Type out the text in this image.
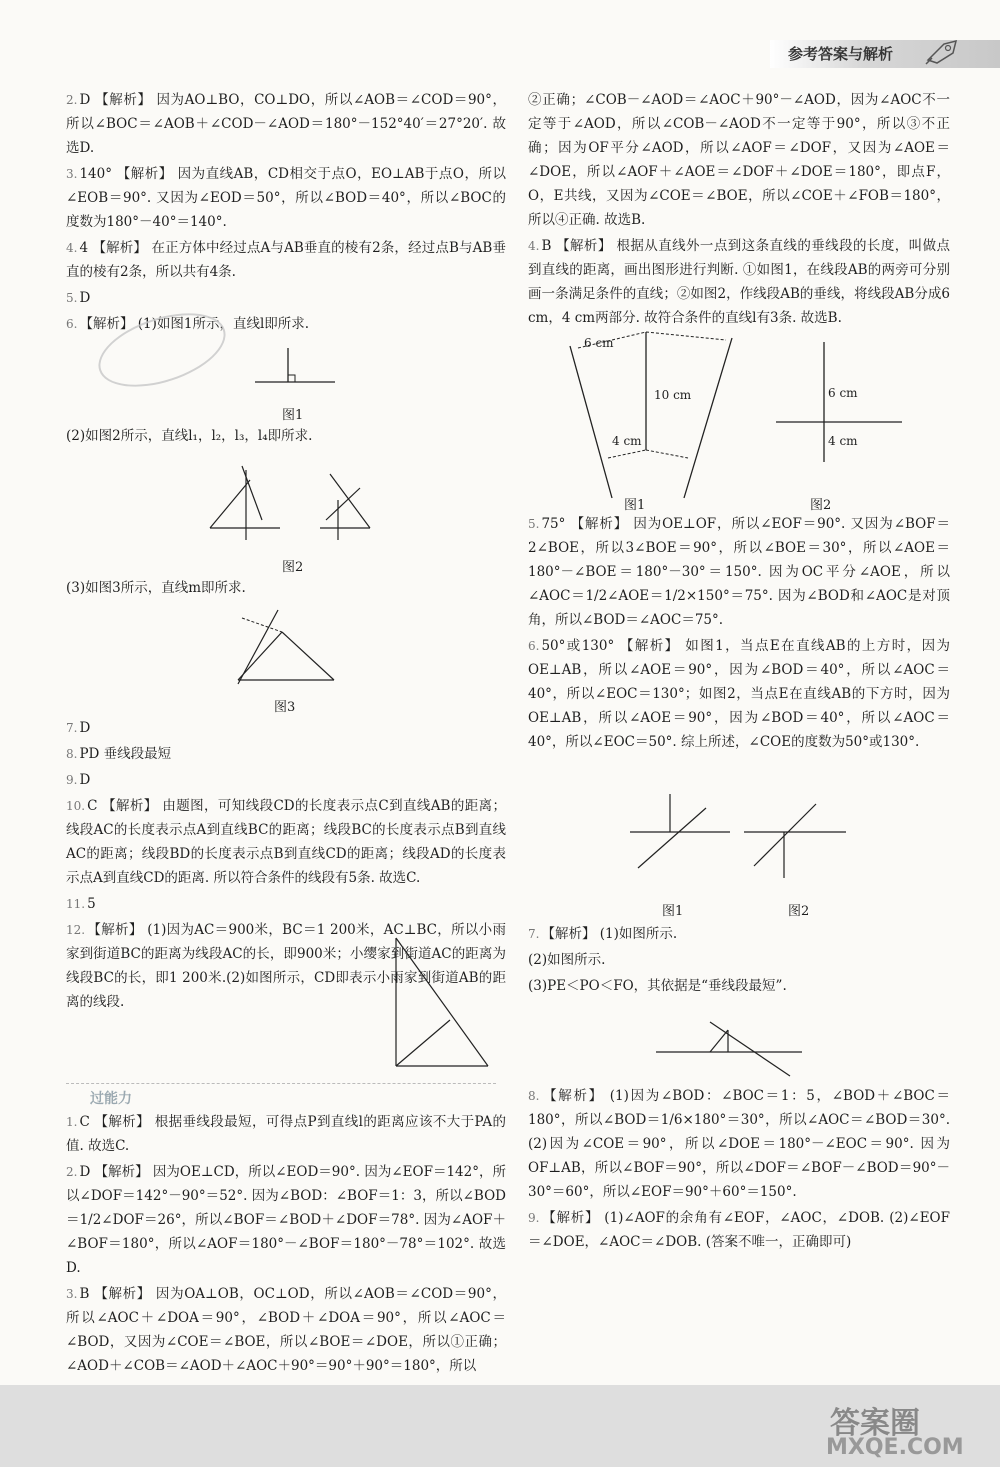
参考答案与解析
2. D 【解析】 因为AO⊥BO，CO⊥DO，所以∠AOB＝∠COD＝90°，所以∠BOC＝∠AOB＋∠COD－∠AOD＝180°－152°40′＝27°20′. 故选D.
3. 140° 【解析】 因为直线AB，CD相交于点O，EO⊥AB于点O，所以∠EOB＝90°. 又因为∠EOD＝50°，所以∠BOD＝40°，所以∠BOC的度数为180°－40°＝140°.
4. 4 【解析】 在正方体中经过点A与AB垂直的棱有2条，经过点B与AB垂直的棱有2条，所以共有4条.
5. D
6. 【解析】 (1)如图1所示，直线l即所求.
(2)如图2所示，直线l₁，l₂，l₃，l₄即所求.
(3)如图3所示，直线m即所求.
7. D
8. PD 垂线段最短
9. D
10. C 【解析】 由题图，可知线段CD的长度表示点C到直线AB的距离；线段AC的长度表示点A到直线BC的距离；线段BC的长度表示点B到直线AC的距离；线段BD的长度表示点B到直线CD的距离；线段AD的长度表示点A到直线CD的距离. 所以符合条件的线段有5条. 故选C.
11. 5
12. 【解析】 (1)因为AC＝900米，BC＝1 200米，AC⊥BC，所以小雨家到街道BC的距离为线段AC的长，即900米；小缨家到街道AC的距离为线段BC的长，即1 200米.(2)如图所示，CD即表示小雨家到街道AB的距离的线段.
1. C 【解析】 根据垂线段最短，可得点P到直线l的距离应该不大于PA的值. 故选C.
2. D 【解析】 因为OE⊥CD，所以∠EOD＝90°. 因为∠EOF＝142°，所以∠DOF＝142°－90°＝52°. 因为∠BOD：∠BOF＝1：3，所以∠BOD＝1/2∠DOF＝26°，所以∠BOF＝∠BOD＋∠DOF＝78°. 因为∠AOF＋∠BOF＝180°，所以∠AOF＝180°－∠BOF＝180°－78°＝102°. 故选D.
3. B 【解析】 因为OA⊥OB，OC⊥OD，所以∠AOB＝∠COD＝90°，所以∠AOC＋∠DOA＝90°，∠BOD＋∠DOA＝90°，所以∠AOC＝∠BOD，又因为∠COE＝∠BOE，所以∠BOE＝∠DOE，所以①正确；∠AOD＋∠COB＝∠AOD＋∠AOC＋90°＝90°＋90°＝180°，所以
图1
图2
图3
过能力
②正确；∠COB－∠AOD＝∠AOC＋90°－∠AOD，因为∠AOC不一定等于∠AOD，所以∠COB－∠AOD不一定等于90°，所以③不正确；因为OF平分∠AOD，所以∠AOF＝∠DOF，又因为∠AOE＝∠DOE，所以∠AOF＋∠AOE＝∠DOF＋∠DOE＝180°，即点F，O，E共线，又因为∠COE＝∠BOE，所以∠COE＋∠FOB＝180°，所以④正确. 故选B.
4. B 【解析】 根据从直线外一点到这条直线的垂线段的长度，叫做点到直线的距离，画出图形进行判断. ①如图1，在线段AB的两旁可分别画一条满足条件的直线；②如图2，作线段AB的垂线，将线段AB分成6 cm，4 cm两部分. 故符合条件的直线l有3条. 故选B.
5. 75° 【解析】 因为OE⊥OF，所以∠EOF＝90°. 又因为∠BOF＝2∠BOE，所以3∠BOE＝90°，所以∠BOE＝30°，所以∠AOE＝180°－∠BOE＝180°－30°＝150°. 因为OC平分∠AOE，所以∠AOC＝1/2∠AOE＝1/2×150°＝75°. 因为∠BOD和∠AOC是对顶角，所以∠BOD＝∠AOC＝75°.
6. 50°或130° 【解析】 如图1，当点E在直线AB的上方时，因为OE⊥AB，所以∠AOE＝90°，因为∠BOD＝40°，所以∠AOC＝40°，所以∠EOC＝130°；如图2，当点E在直线AB的下方时，因为OE⊥AB，所以∠AOE＝90°，因为∠BOD＝40°，所以∠AOC＝40°，所以∠EOC＝50°. 综上所述，∠COE的度数为50°或130°.
7. 【解析】 (1)如图所示.
(2)如图所示.
(3)PE＜PO＜FO，其依据是“垂线段最短”.
8. 【解析】 (1)因为∠BOD：∠BOC＝1：5，∠BOD＋∠BOC＝180°，所以∠BOD＝1/6×180°＝30°，所以∠AOC＝∠BOD＝30°. (2)因为∠COE＝90°，所以∠DOE＝180°－∠EOC＝90°. 因为OF⊥AB，所以∠BOF＝90°，所以∠DOF＝∠BOF－∠BOD＝90°－30°＝60°，所以∠EOF＝90°＋60°＝150°.
9. 【解析】 (1)∠AOF的余角有∠EOF，∠AOC，∠DOB. (2)∠EOF＝∠DOE，∠AOC＝∠DOB. (答案不唯一，正确即可)
图1	图2
6 cm
10 cm
4 cm
6 cm
4 cm
图1	图2
答案圈
MXQE.COM
